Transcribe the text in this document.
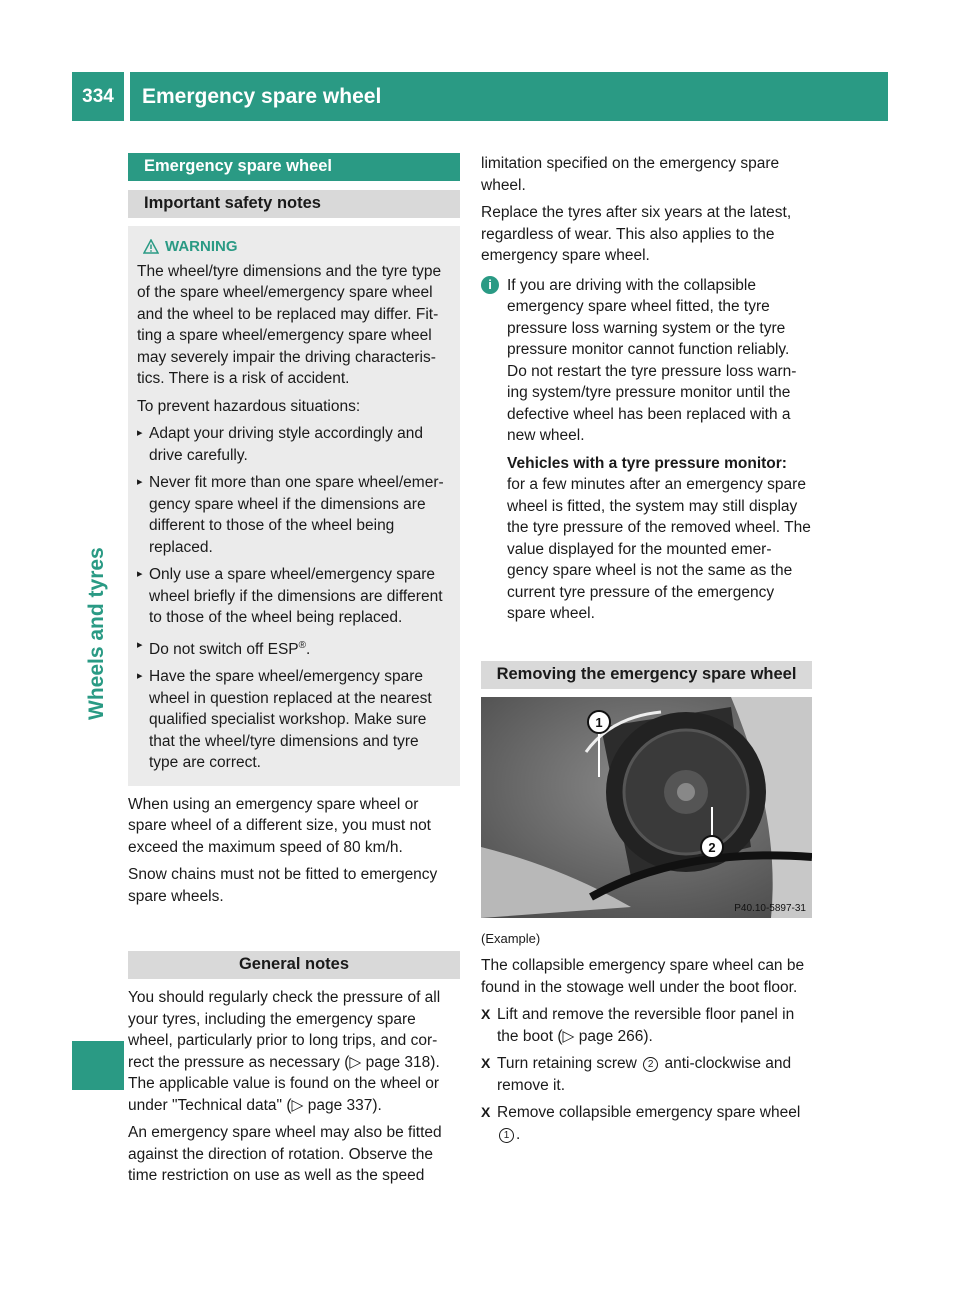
334	Emergency spare wheel
Wheels and tyres
Emergency spare wheel
Important safety notes
WARNING

The wheel/tyre dimensions and the tyre type of the spare wheel/emergency spare wheel and the wheel to be replaced may differ. Fit-ting a spare wheel/emergency spare wheel may severely impair the driving characteris-tics. There is a risk of accident.

To prevent hazardous situations:

▸ Adapt your driving style accordingly and drive carefully.
▸ Never fit more than one spare wheel/emer-gency spare wheel if the dimensions are different to those of the wheel being replaced.
▸ Only use a spare wheel/emergency spare wheel briefly if the dimensions are different to those of the wheel being replaced.
▸ Do not switch off ESP®.
▸ Have the spare wheel/emergency spare wheel in question replaced at the nearest qualified specialist workshop. Make sure that the wheel/tyre dimensions and tyre type are correct.

When using an emergency spare wheel or spare wheel of a different size, you must not exceed the maximum speed of 80 km/h.

Snow chains must not be fitted to emergency spare wheels.

General notes

You should regularly check the pressure of all your tyres, including the emergency spare wheel, particularly prior to long trips, and cor-rect the pressure as necessary (▷ page 318). The applicable value is found on the wheel or under "Technical data" (▷ page 337).

An emergency spare wheel may also be fitted against the direction of rotation. Observe the time restriction on use as well as the speed

limitation specified on the emergency spare wheel.

Replace the tyres after six years at the latest, regardless of wear. This also applies to the emergency spare wheel.

i If you are driving with the collapsible emergency spare wheel fitted, the tyre pressure loss warning system or the tyre pressure monitor cannot function reliably. Do not restart the tyre pressure loss warn-ing system/tyre pressure monitor until the defective wheel has been replaced with a new wheel.

Vehicles with a tyre pressure monitor:

for a few minutes after an emergency spare wheel is fitted, the system may still display the tyre pressure of the removed wheel. The value displayed for the mounted emer-gency spare wheel is not the same as the current tyre pressure of the emergency spare wheel.

Removing the emergency spare wheel
1
2
P40.10-5897-31
(Example)

The collapsible emergency spare wheel can be found in the stowage well under the boot floor.

X Lift and remove the reversible floor panel in the boot (▷ page 266).
X Turn retaining screw 2 anti-clockwise and remove it.
X Remove collapsible emergency spare wheel 1 .
